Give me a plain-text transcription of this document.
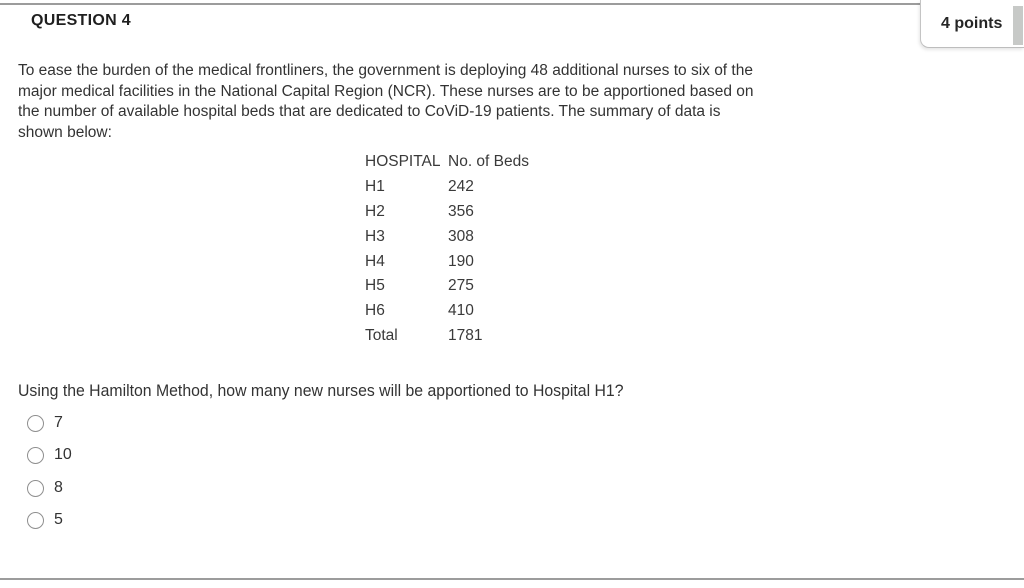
QUESTION 4	4 points
To ease the burden of the medical frontliners, the government is deploying 48 additional nurses to six of the
major medical facilities in the National Capital Region (NCR). These nurses are to be apportioned based on
the number of available hospital beds that are dedicated to CoViD-19 patients. The summary of data is
shown below:
HOSPITAL No. of Beds
H1	242
H2	356
H3	308
H4	190
H5	275
H6	410
Total	1781
Using the Hamilton Method, how many new nurses will be apportioned to Hospital H1?
7
10
8
5
